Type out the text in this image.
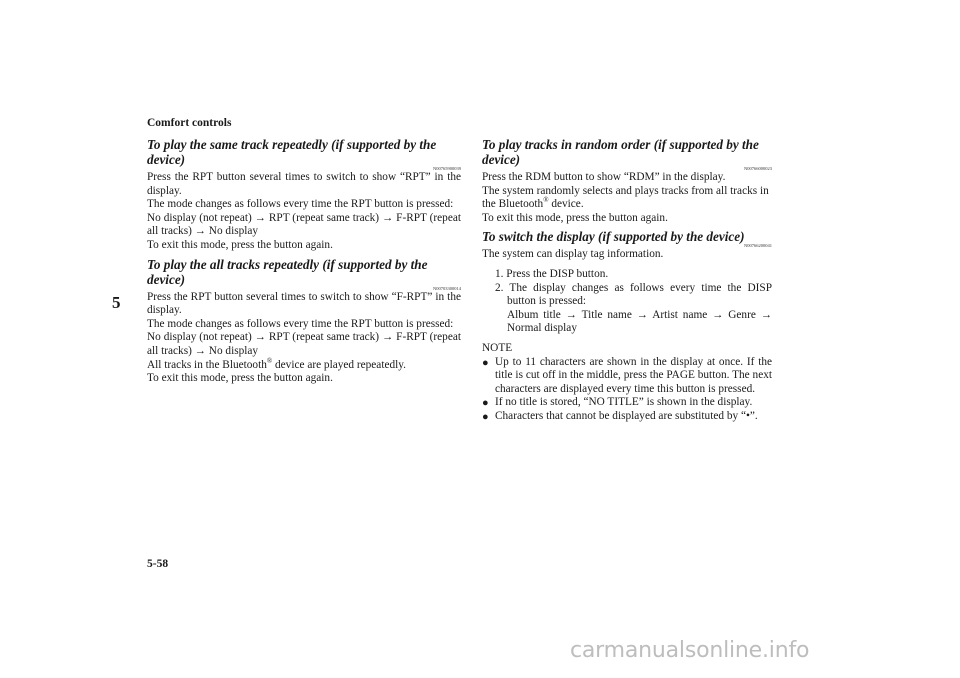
Comfort controls
5
To play the same track repeatedly (if supported by the device)
N00765900039

Press the RPT button several times to switch to show “RPT” in the display.

The mode changes as follows every time the RPT button is pressed:

No display (not repeat) → RPT (repeat same track) → F-RPT (repeat all tracks) → No display

To exit this mode, press the button again.

To play the all tracks repeatedly (if supported by the device)
N00703300014

Press the RPT button several times to switch to show “F-RPT” in the display.

The mode changes as follows every time the RPT button is pressed:

No display (not repeat) → RPT (repeat same track) → F-RPT (repeat all tracks) → No display

All tracks in the Bluetooth® device are played repeatedly.

To exit this mode, press the button again.

To play tracks in random order (if supported by the device)
N00766000023

Press the RDM button to show “RDM” in the display.

The system randomly selects and plays tracks from all tracks in

the Bluetooth® device.

To exit this mode, press the button again.

To switch the display (if supported by the device)
N00766200041

The system can display tag information.

1. Press the DISP button.
2. The display changes as follows every time the DISP button is pressed:
Album title → Title name → Artist name → Genre → Normal display
NOTE
● Up to 11 characters are shown in the display at once. If the title is cut off in the middle, press the PAGE button. The next characters are displayed every time this button is pressed.
● If no title is stored, “NO TITLE” is shown in the display.
● Characters that cannot be displayed are substituted by “•”.
5-58
carmanualsonline.info
